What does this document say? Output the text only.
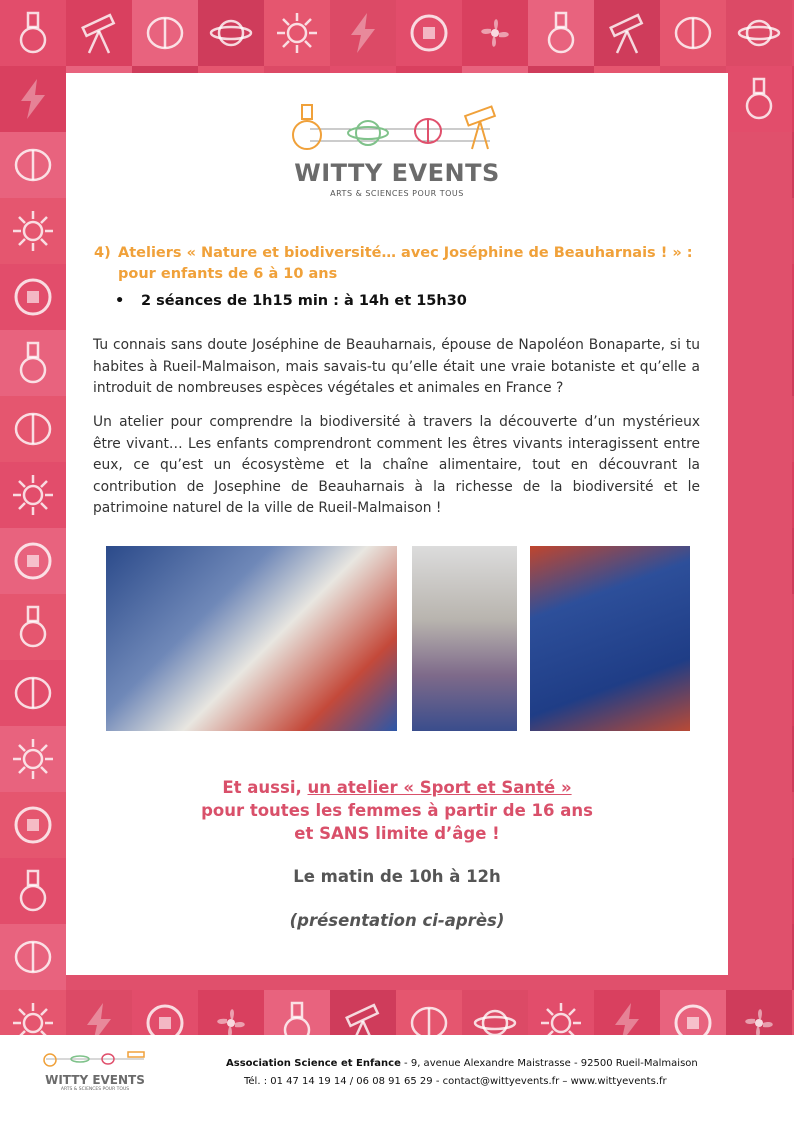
WITTY EVENTS
ARTS & SCIENCES POUR TOUS
4) Ateliers « Nature et biodiversité… avec Joséphine de Beauharnais ! » :
pour enfants de 6 à 10 ans
• 2 séances de 1h15 min : à 14h et 15h30

Tu connais sans doute Joséphine de Beauharnais, épouse de Napoléon Bonaparte, si tu habites à Rueil-Malmaison, mais savais-tu qu’elle était une vraie botaniste et qu’elle a introduit de nombreuses espèces végétales et animales en France ?

Un atelier pour comprendre la biodiversité à travers la découverte d’un mystérieux être vivant… Les enfants comprendront comment les êtres vivants interagissent entre eux, ce qu’est un écosystème et la chaîne alimentaire, tout en découvrant la contribution de Josephine de Beauharnais à la richesse de la biodiversité et le patrimoine naturel de la ville de Rueil-Malmaison !

Et aussi, un atelier « Sport et Santé »
pour toutes les femmes à partir de 16 ans
et SANS limite d’âge !
Le matin de 10h à 12h
(présentation ci-après)
WITTY EVENTS
ARTS & SCIENCES POUR TOUS
Association Science et Enfance - 9, avenue Alexandre Maistrasse - 92500 Rueil-Malmaison
Tél. : 01 47 14 19 14 / 06 08 91 65 29 - contact@wittyevents.fr – www.wittyevents.fr
